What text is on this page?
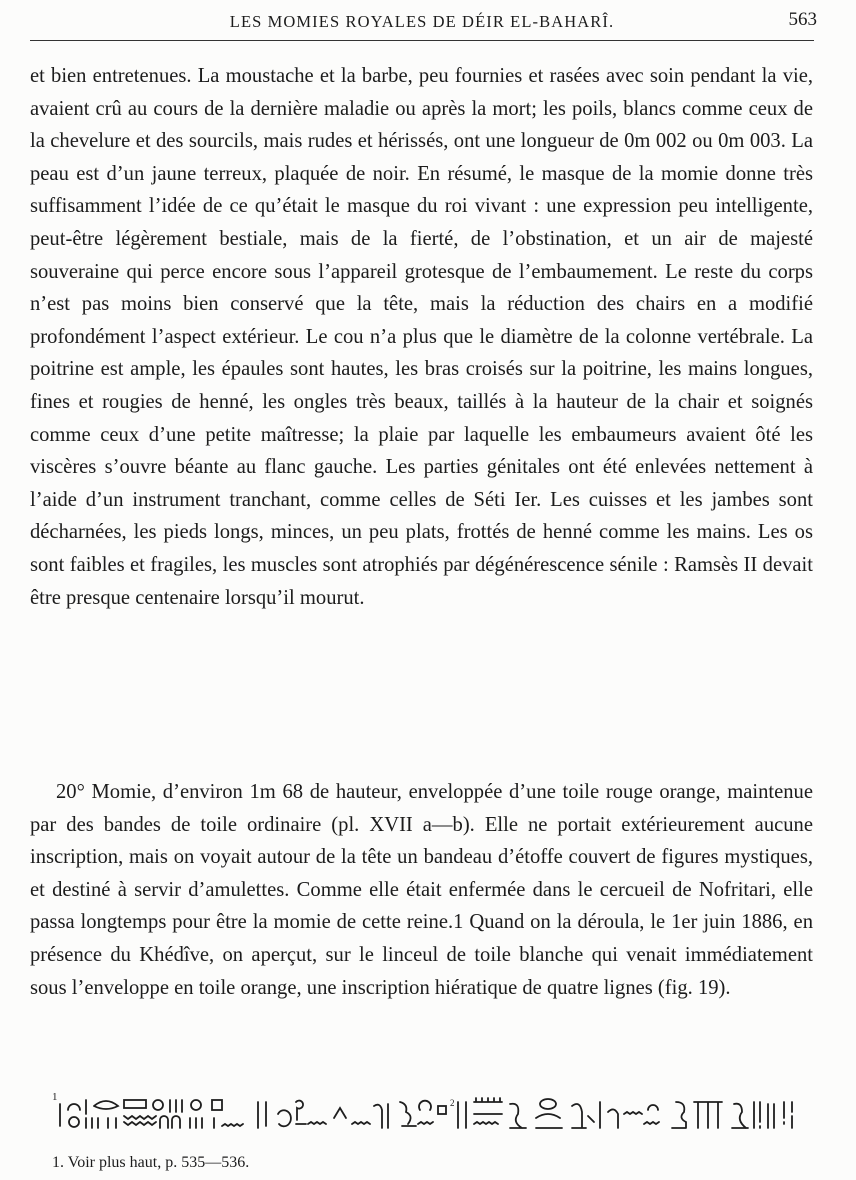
LES MOMIES ROYALES DE DÉIR EL-BAHARÎ.	563

et bien entretenues. La moustache et la barbe, peu fournies et rasées avec soin pendant la vie, avaient crû au cours de la dernière maladie ou après la mort; les poils, blancs comme ceux de la chevelure et des sourcils, mais rudes et hérissés, ont une longueur de 0m 002 ou 0m 003. La peau est d’un jaune terreux, plaquée de noir. En résumé, le masque de la momie donne très suffisamment l’idée de ce qu’était le masque du roi vivant : une expression peu intelligente, peut-être légèrement bestiale, mais de la fierté, de l’obstination, et un air de majesté souveraine qui perce encore sous l’appareil grotesque de l’embaumement. Le reste du corps n’est pas moins bien conservé que la tête, mais la réduction des chairs en a modifié profondément l’aspect extérieur. Le cou n’a plus que le diamètre de la colonne vertébrale. La poitrine est ample, les épaules sont hautes, les bras croisés sur la poitrine, les mains longues, fines et rougies de henné, les ongles très beaux, taillés à la hauteur de la chair et soignés comme ceux d’une petite maîtresse; la plaie par laquelle les embaumeurs avaient ôté les viscères s’ouvre béante au flanc gauche. Les parties génitales ont été enlevées nettement à l’aide d’un instrument tranchant, comme celles de Séti Ier. Les cuisses et les jambes sont décharnées, les pieds longs, minces, un peu plats, frottés de henné comme les mains. Les os sont faibles et fragiles, les muscles sont atrophiés par dégénérescence sénile : Ramsès II devait être presque centenaire lorsqu’il mourut.

20° Momie, d’environ 1m 68 de hauteur, enveloppée d’une toile rouge orange, maintenue par des bandes de toile ordinaire (pl. XVII a—b). Elle ne portait extérieurement aucune inscription, mais on voyait autour de la tête un bandeau d’étoffe couvert de figures mystiques, et destiné à servir d’amulettes. Comme elle était enfermée dans le cercueil de Nofritari, elle passa longtemps pour être la momie de cette reine.1 Quand on la déroula, le 1er juin 1886, en présence du Khédîve, on aperçut, sur le linceul de toile blanche qui venait immédiatement sous l’enveloppe en toile orange, une inscription hiératique de quatre lignes (fig. 19).

1	2
1. Voir plus haut, p. 535—536.
